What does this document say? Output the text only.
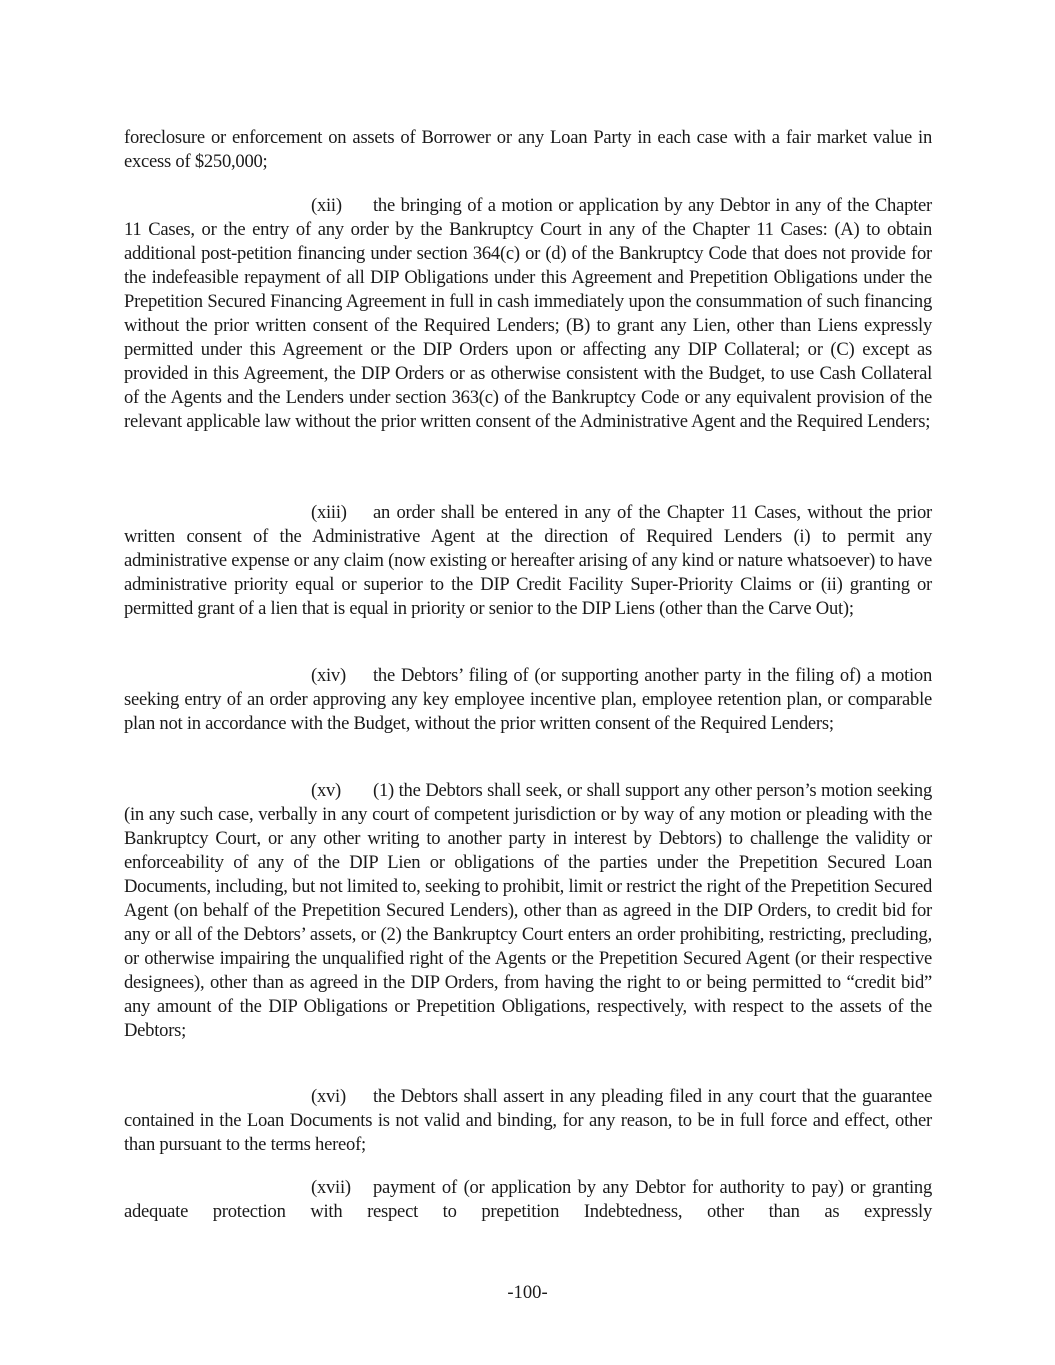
foreclosure or enforcement on assets of Borrower or any Loan Party in each case with a fair market value in excess of $250,000;

(xii) the bringing of a motion or application by any Debtor in any of the Chapter 11 Cases, or the entry of any order by the Bankruptcy Court in any of the Chapter 11 Cases: (A) to obtain additional post-petition financing under section 364(c) or (d) of the Bankruptcy Code that does not provide for the indefeasible repayment of all DIP Obligations under this Agreement and Prepetition Obligations under the Prepetition Secured Financing Agreement in full in cash immediately upon the consummation of such financing without the prior written consent of the Required Lenders; (B) to grant any Lien, other than Liens expressly permitted under this Agreement or the DIP Orders upon or affecting any DIP Collateral; or (C) except as provided in this Agreement, the DIP Orders or as otherwise consistent with the Budget, to use Cash Collateral of the Agents and the Lenders under section 363(c) of the Bankruptcy Code or any equivalent provision of the relevant applicable law without the prior written consent of the Administrative Agent and the Required Lenders;

(xiii) an order shall be entered in any of the Chapter 11 Cases, without the prior written consent of the Administrative Agent at the direction of Required Lenders (i) to permit any administrative expense or any claim (now existing or hereafter arising of any kind or nature whatsoever) to have administrative priority equal or superior to the DIP Credit Facility Super-Priority Claims or (ii) granting or permitted grant of a lien that is equal in priority or senior to the DIP Liens (other than the Carve Out);

(xiv) the Debtors’ filing of (or supporting another party in the filing of) a motion seeking entry of an order approving any key employee incentive plan, employee retention plan, or comparable plan not in accordance with the Budget, without the prior written consent of the Required Lenders;

(xv) (1) the Debtors shall seek, or shall support any other person’s motion seeking (in any such case, verbally in any court of competent jurisdiction or by way of any motion or pleading with the Bankruptcy Court, or any other writing to another party in interest by Debtors) to challenge the validity or enforceability of any of the DIP Lien or obligations of the parties under the Prepetition Secured Loan Documents, including, but not limited to, seeking to prohibit, limit or restrict the right of the Prepetition Secured Agent (on behalf of the Prepetition Secured Lenders), other than as agreed in the DIP Orders, to credit bid for any or all of the Debtors’ assets, or (2) the Bankruptcy Court enters an order prohibiting, restricting, precluding, or otherwise impairing the unqualified right of the Agents or the Prepetition Secured Agent (or their respective designees), other than as agreed in the DIP Orders, from having the right to or being permitted to “credit bid” any amount of the DIP Obligations or Prepetition Obligations, respectively, with respect to the assets of the Debtors;

(xvi) the Debtors shall assert in any pleading filed in any court that the guarantee contained in the Loan Documents is not valid and binding, for any reason, to be in full force and effect, other than pursuant to the terms hereof;

(xvii) payment of (or application by any Debtor for authority to pay) or granting adequate protection with respect to prepetition Indebtedness, other than as expressly

-100-
